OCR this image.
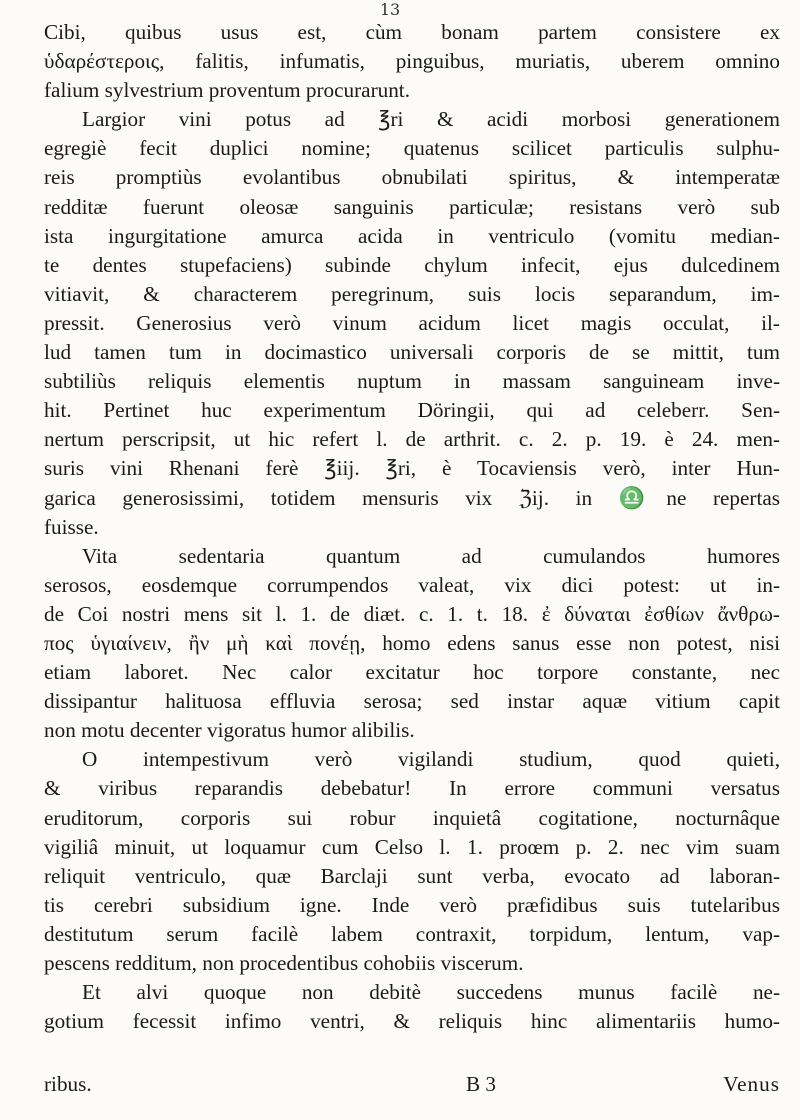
13
Cibi, quibus usus est, cùm bonam partem consistere ex
ὑδαρέστεροις, falitis, infumatis, pinguibus, muriatis, uberem omnino
falium sylvestrium proventum procurarunt.
Largior vini potus ad ℥ri & acidi morbosi generationem
egregiè fecit duplici nomine; quatenus scilicet particulis sulphu-
reis promptiùs evolantibus obnubilati spiritus, & intemperatæ
redditæ fuerunt oleosæ sanguinis particulæ; resistans verò sub
ista ingurgitatione amurca acida in ventriculo (vomitu median-
te dentes stupefaciens) subinde chylum infecit, ejus dulcedinem
vitiavit, & characterem peregrinum, suis locis separandum, im-
pressit. Generosius verò vinum acidum licet magis occulat, il-
lud tamen tum in docimastico universali corporis de se mittit, tum
subtiliùs reliquis elementis nuptum in massam sanguineam inve-
hit. Pertinet huc experimentum Döringii, qui ad celeberr. Sen-
nertum perscripsit, ut hic refert l. de arthrit. c. 2. p. 19. è 24. men-
suris vini Rhenani ferè ℥iij. ℥ri, è Tocaviensis verò, inter Hun-
garica generosissimi, totidem mensuris vix ℨij. in ♎ne repertas
fuisse.
Vita sedentaria quantum ad cumulandos humores
serosos, eosdemque corrumpendos valeat, vix dici potest: ut in-
de Coi nostri mens sit l. 1. de diæt. c. 1. t. 18. ἐ δύναται ἐσθίων ἄνθρω-
πος ὑγιαίνειν, ἢν μὴ καὶ πονέῃ, homo edens sanus esse non potest, nisi
etiam laboret. Nec calor excitatur hoc torpore constante, nec
dissipantur halituosa effluvia serosa; sed instar aquæ vitium capit
non motu decenter vigoratus humor alibilis.
O intempestivum verò vigilandi studium, quod quieti,
& viribus reparandis debebatur! In errore communi versatus
eruditorum, corporis sui robur inquietâ cogitatione, nocturnâque
vigiliâ minuit, ut loquamur cum Celso l. 1. proœm p. 2. nec vim suam
reliquit ventriculo, quæ Barclaji sunt verba, evocato ad laboran-
tis cerebri subsidium igne. Inde verò præfidibus suis tutelaribus
destitutum serum facilè labem contraxit, torpidum, lentum, vap-
pescens redditum, non procedentibus cohobiis viscerum.
Et alvi quoque non debitè succedens munus facilè ne-
gotium fecessit infimo ventri, & reliquis hinc alimentariis humo-
ribus.	B 3	Venus
